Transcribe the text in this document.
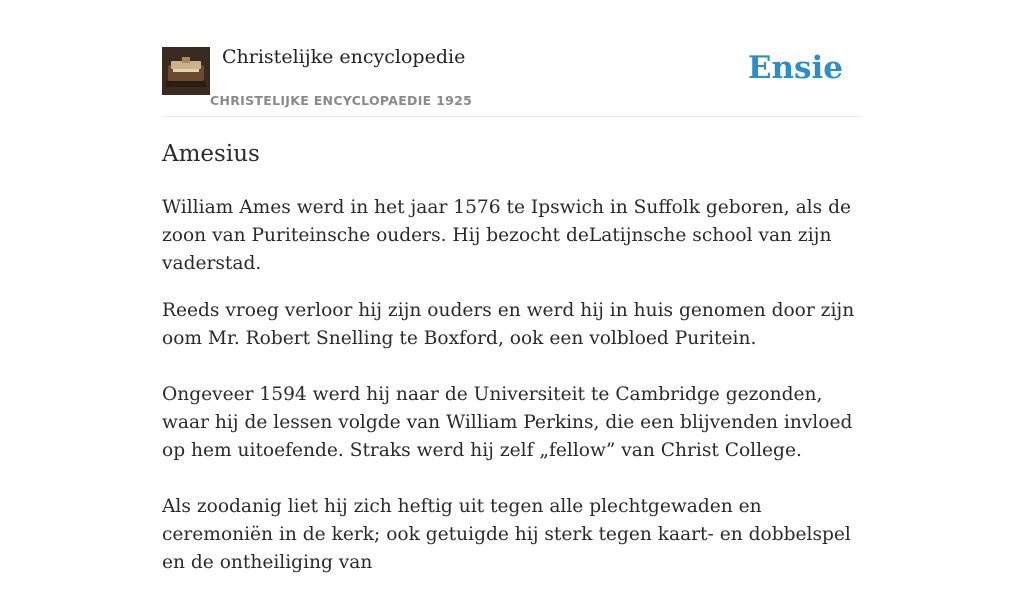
Christelijke encyclopedie
CHRISTELIJKE ENCYCLOPAEDIE 1925
Ensie
Amesius

William Ames werd in het jaar 1576 te Ipswich in Suffolk geboren, als de zoon van Puriteinsche ouders. Hij bezocht deLatijnsche school van zijn vaderstad.

Reeds vroeg verloor hij zijn ouders en werd hij in huis genomen door zijn oom Mr. Robert Snelling te Boxford, ook een volbloed Puritein.

Ongeveer 1594 werd hij naar de Universiteit te Cambridge gezonden, waar hij de lessen volgde van William Perkins, die een blijvenden invloed op hem uitoefende. Straks werd hij zelf „fellow” van Christ College.

Als zoodanig liet hij zich heftig uit tegen alle plechtgewaden en ceremoniën in de kerk; ook getuigde hij sterk tegen kaart- en dobbelspel en de ontheiliging van
